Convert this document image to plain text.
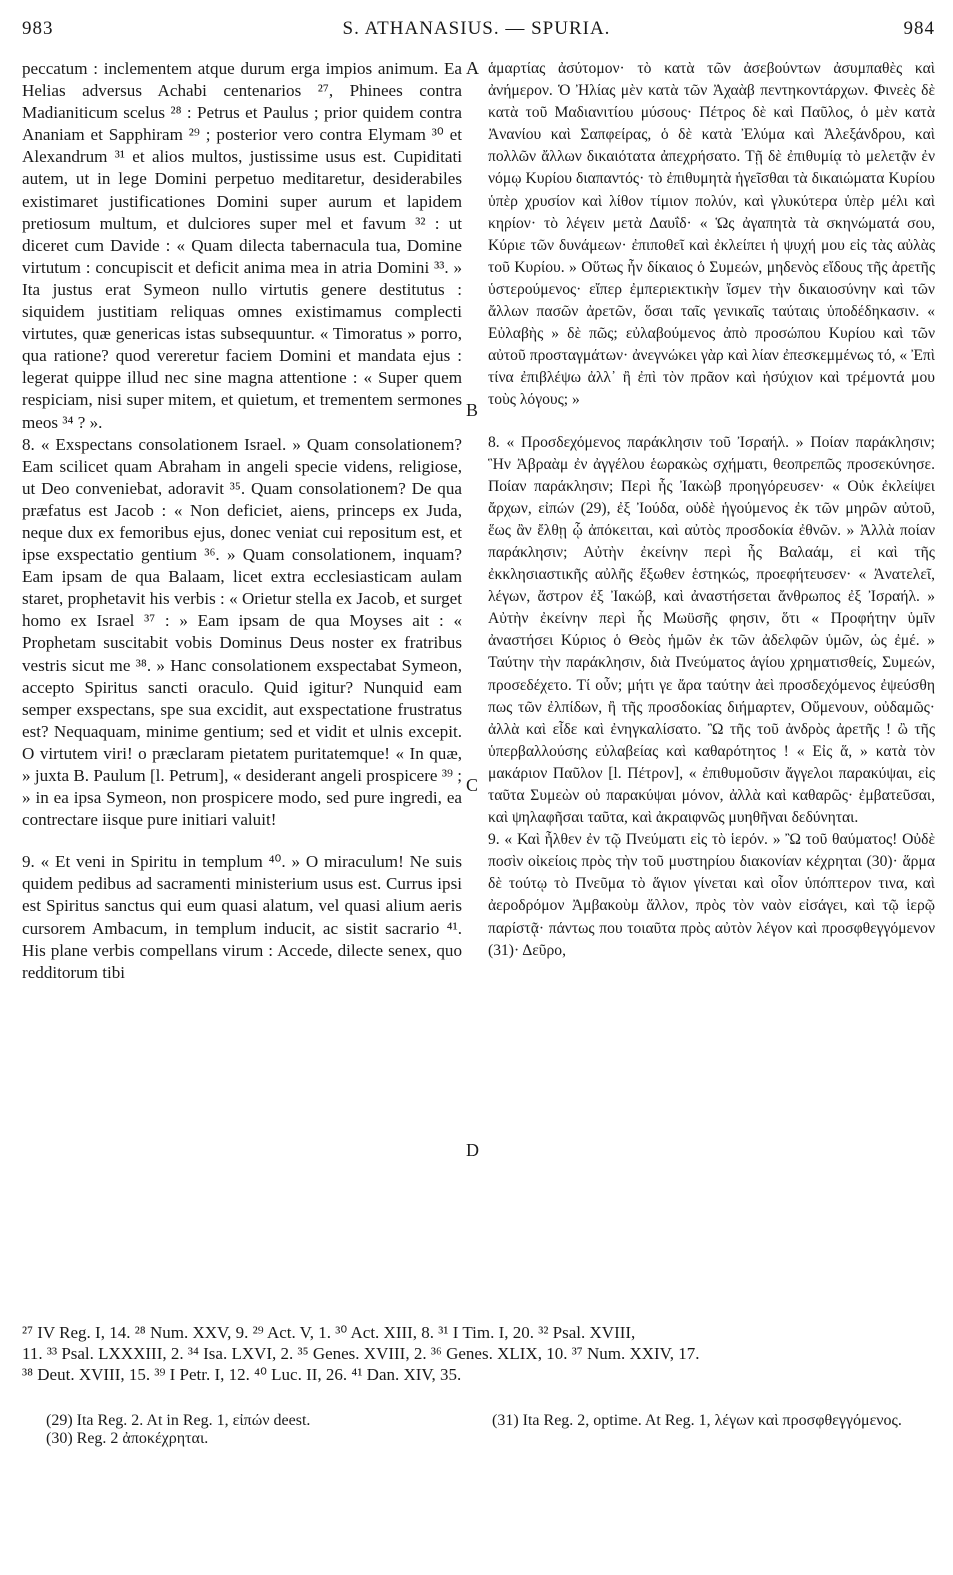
983	S. ATHANASIUS. — SPURIA.	984

peccatum : inclementem atque durum erga impios animum. Ea Helias adversus Achabi centenarios ²⁷, Phinees contra Madianiticum scelus ²⁸ : Petrus et Paulus ; prior quidem contra Ananiam et Sapphiram ²⁹ ; posterior vero contra Elymam ³⁰ et Alexandrum ³¹ et alios multos, justissime usus est. Cupiditati autem, ut in lege Domini perpetuo meditaretur, desiderabiles existimaret justificationes Domini super aurum et lapidem pretiosum multum, et dulciores super mel et favum ³² : ut diceret cum Davide : « Quam dilecta tabernacula tua, Domine virtutum : concupiscit et deficit anima mea in atria Domini ³³. » Ita justus erat Symeon nullo virtutis genere destitutus : siquidem justitiam reliquas omnes existimamus complecti virtutes, quæ genericas istas subsequuntur. « Timoratus » porro, qua ratione? quod vereretur faciem Domini et mandata ejus : legerat quippe illud nec sine magna attentione : « Super quem respiciam, nisi super mitem, et quietum, et trementem sermones meos ³⁴ ? ».

8. « Exspectans consolationem Israel. » Quam consolationem? Eam scilicet quam Abraham in angeli specie videns, religiose, ut Deo conveniebat, adoravit ³⁵. Quam consolationem? De qua præfatus est Jacob : « Non deficiet, aiens, princeps ex Juda, neque dux ex femoribus ejus, donec veniat cui repositum est, et ipse exspectatio gentium ³⁶. » Quam consolationem, inquam? Eam ipsam de qua Balaam, licet extra ecclesiasticam aulam staret, prophetavit his verbis : « Orietur stella ex Jacob, et surget homo ex Israel ³⁷ : » Eam ipsam de qua Moyses ait : « Prophetam suscitabit vobis Dominus Deus noster ex fratribus vestris sicut me ³⁸. » Hanc consolationem exspectabat Symeon, accepto Spiritus sancti oraculo. Quid igitur? Nunquid eam semper exspectans, spe sua excidit, aut exspectatione frustratus est? Nequaquam, minime gentium; sed et vidit et ulnis excepit. O virtutem viri! o præclaram pietatem puritatemque! « In quæ, » juxta B. Paulum [l. Petrum], « desiderant angeli prospicere ³⁹ ; » in ea ipsa Symeon, non prospicere modo, sed pure ingredi, ea contrectare iisque pure initiari valuit!

9. « Et veni in Spiritu in templum ⁴⁰. » O miraculum! Ne suis quidem pedibus ad sacramenti ministerium usus est. Currus ipsi est Spiritus sanctus qui eum quasi alatum, vel quasi alium aeris cursorem Ambacum, in templum inducit, ac sistit sacrario ⁴¹. His plane verbis compellans virum : Accede, dilecte senex, quo redditorum tibi

A
B
C
D

ἁμαρτίας ἀσύτομον· τὸ κατὰ τῶν ἀσεβούντων ἀσυμπαθὲς καὶ ἀνήμερον. Ὁ Ἠλίας μὲν κατὰ τῶν Ἀχαὰβ πεντηκοντάρχων. Φινεὲς δὲ κατὰ τοῦ Μαδιανιτίου μύσους· Πέτρος δὲ καὶ Παῦλος, ὁ μὲν κατὰ Ἀνανίου καὶ Σαπφείρας, ὁ δὲ κατὰ Ἐλύμα καὶ Ἀλεξάνδρου, καὶ πολλῶν ἄλλων δικαιότατα ἀπεχρήσατο. Τῇ δὲ ἐπιθυμίᾳ τὸ μελετᾷν ἐν νόμῳ Κυρίου διαπαντός· τὸ ἐπιθυμητὰ ἡγεῖσθαι τὰ δικαιώματα Κυρίου ὑπὲρ χρυσίον καὶ λίθον τίμιον πολύν, καὶ γλυκύτερα ὑπὲρ μέλι καὶ κηρίον· τὸ λέγειν μετὰ Δαυΐδ· « Ὡς ἀγαπητὰ τὰ σκηνώματά σου, Κύριε τῶν δυνάμεων· ἐπιποθεῖ καὶ ἐκλείπει ἡ ψυχή μου εἰς τὰς αὐλὰς τοῦ Κυρίου. » Οὕτως ἦν δίκαιος ὁ Συμεών, μηδενὸς εἴδους τῆς ἀρετῆς ὑστερούμενος· εἴπερ ἐμπεριεκτικὴν ἴσμεν τὴν δικαιοσύνην καὶ τῶν ἄλλων πασῶν ἀρετῶν, ὅσαι ταῖς γενικαῖς ταύταις ὑποδέδηκασιν. « Εὐλαβὴς » δὲ πῶς; εὐλαβούμενος ἀπὸ προσώπου Κυρίου καὶ τῶν αὐτοῦ προσταγμάτων· ἀνεγνώκει γὰρ καὶ λίαν ἐπεσκεμμένως τό, « Ἐπὶ τίνα ἐπιβλέψω ἀλλ᾽ ἢ ἐπὶ τὸν πρᾶον καὶ ἡσύχιον καὶ τρέμοντά μου τοὺς λόγους; »

8. « Προσδεχόμενος παράκλησιν τοῦ Ἰσραήλ. » Ποίαν παράκλησιν; Ἣν Ἀβραὰμ ἐν ἀγγέλου ἑωρακὼς σχήματι, θεοπρεπῶς προσεκύνησε. Ποίαν παράκλησιν; Περὶ ἧς Ἰακὼβ προηγόρευσεν· « Οὐκ ἐκλείψει ἄρχων, εἰπών (29), ἐξ Ἰούδα, οὐδὲ ἡγούμενος ἐκ τῶν μηρῶν αὐτοῦ, ἕως ἂν ἔλθῃ ᾧ ἀπόκειται, καὶ αὐτὸς προσδοκία ἐθνῶν. » Ἀλλὰ ποίαν παράκλησιν; Αὐτὴν ἐκείνην περὶ ἧς Βαλαάμ, εἰ καὶ τῆς ἐκκλησιαστικῆς αὐλῆς ἔξωθεν ἑστηκώς, προεφήτευσεν· « Ἀνατελεῖ, λέγων, ἄστρον ἐξ Ἰακώβ, καὶ ἀναστήσεται ἄνθρωπος ἐξ Ἰσραήλ. » Αὐτὴν ἐκείνην περὶ ἧς Μωϋσῆς φησιν, ὅτι « Προφήτην ὑμῖν ἀναστήσει Κύριος ὁ Θεὸς ἡμῶν ἐκ τῶν ἀδελφῶν ὑμῶν, ὡς ἐμέ. » Ταύτην τὴν παράκλησιν, διὰ Πνεύματος ἁγίου χρηματισθείς, Συμεών, προσεδέχετο. Τί οὖν; μήτι γε ἄρα ταύτην ἀεὶ προσδεχόμενος ἐψεύσθη πως τῶν ἐλπίδων, ἢ τῆς προσδοκίας διήμαρτεν, Οὔμενουν, οὐδαμῶς· ἀλλὰ καὶ εἶδε καὶ ἐνηγκαλίσατο. Ὢ τῆς τοῦ ἀνδρὸς ἀρετῆς ! ὢ τῆς ὑπερβαλλούσης εὐλαβείας καὶ καθαρότητος ! « Εἰς ἅ, » κατὰ τὸν μακάριον Παῦλον [l. Πέτρον], « ἐπιθυμοῦσιν ἄγγελοι παρακύψαι, εἰς ταῦτα Συμεὼν οὐ παρακύψαι μόνον, ἀλλὰ καὶ καθαρῶς· ἐμβατεῦσαι, καὶ ψηλαφῆσαι ταῦτα, καὶ ἀκραιφνῶς μυηθῆναι δεδύνηται.

9. « Καὶ ἦλθεν ἐν τῷ Πνεύματι εἰς τὸ ἱερόν. » Ὢ τοῦ θαύματος! Οὐδὲ ποσὶν οἰκείοις πρὸς τὴν τοῦ μυστηρίου διακονίαν κέχρηται (30)· ἅρμα δὲ τούτῳ τὸ Πνεῦμα τὸ ἅγιον γίνεται καὶ οἷον ὑπόπτερον τινα, καὶ ἀεροδρόμον Ἀμβακοὺμ ἄλλον, πρὸς τὸν ναὸν εἰσάγει, καὶ τῷ ἱερῷ παρίστᾷ· πάντως που τοιαῦτα πρὸς αὐτὸν λέγον καὶ προσφθεγγόμενον (31)· Δεῦρο,

²⁷ IV Reg. I, 14. ²⁸ Num. XXV, 9. ²⁹ Act. V, 1. ³⁰ Act. XIII, 8. ³¹ I Tim. I, 20. ³² Psal. XVIII,
11. ³³ Psal. LXXXIII, 2. ³⁴ Isa. LXVI, 2. ³⁵ Genes. XVIII, 2. ³⁶ Genes. XLIX, 10. ³⁷ Num. XXIV, 17.
³⁸ Deut. XVIII, 15. ³⁹ I Petr. I, 12. ⁴⁰ Luc. II, 26. ⁴¹ Dan. XIV, 35.
(29) Ita Reg. 2. At in Reg. 1, εἰπών deest.
(30) Reg. 2 ἀποκέχρηται.
(31) Ita Reg. 2, optime. At Reg. 1, λέγων καὶ προσφθεγγόμενος.
